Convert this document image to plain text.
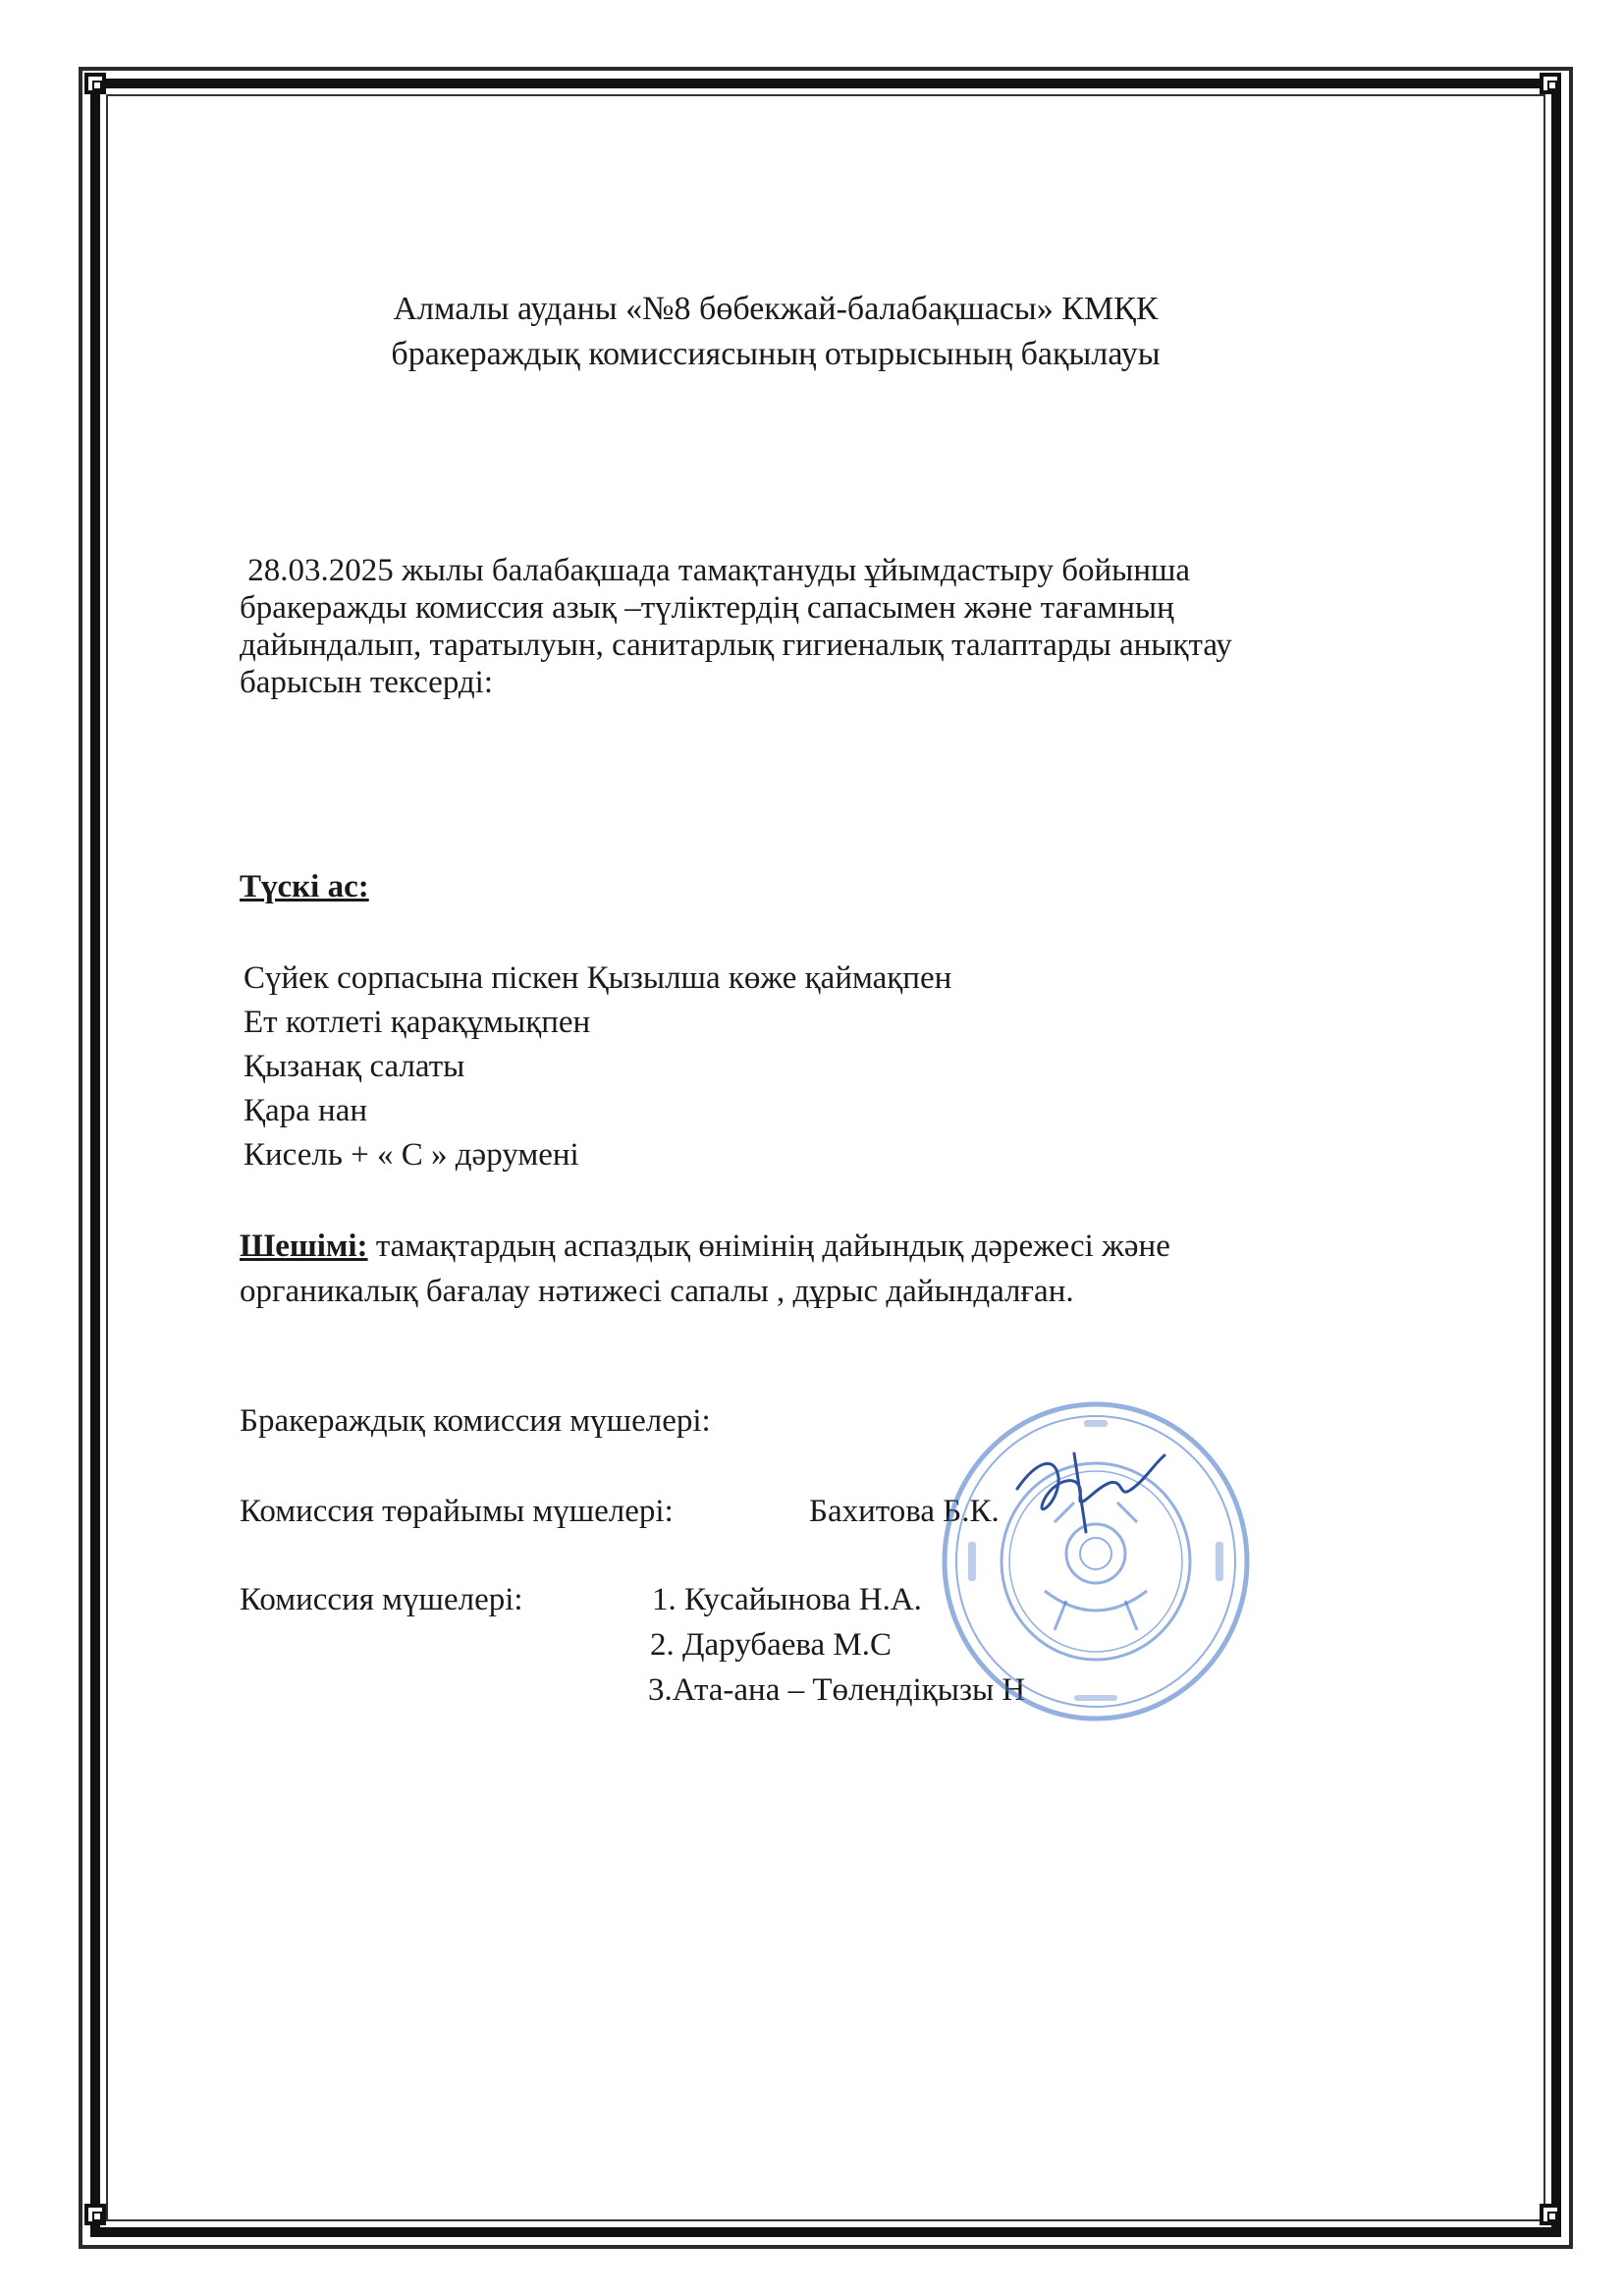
Алмалы ауданы «№8 бөбекжай-балабақшасы» КМҚК
бракераждық комиссиясының отырысының бақылауы
28.03.2025 жылы балабақшада тамақтануды ұйымдастыру бойынша
бракеражды комиссия азық –түліктердің сапасымен және тағамның
дайындалып, таратылуын, санитарлық гигиеналық талаптарды анықтау
барысын тексерді:
Түскі ас:
Сүйек сорпасына піскен Қызылша көже қаймақпен
Ет котлеті қарақұмықпен
Қызанақ салаты
Қара нан
Кисель + « С » дәрумені
Шешімі: тамақтардың аспаздық өнімінің дайындық дәрежесі және
органикалық бағалау нәтижесі сапалы , дұрыс дайындалған.
Бракераждық комиссия мүшелері:
Комиссия төрайымы мүшелері:	Бахитова Б.К.
Комиссия мүшелері:	1. Кусайынова Н.А.
2. Дарубаева М.С
3.Ата-ана – Төлендіқызы Н
